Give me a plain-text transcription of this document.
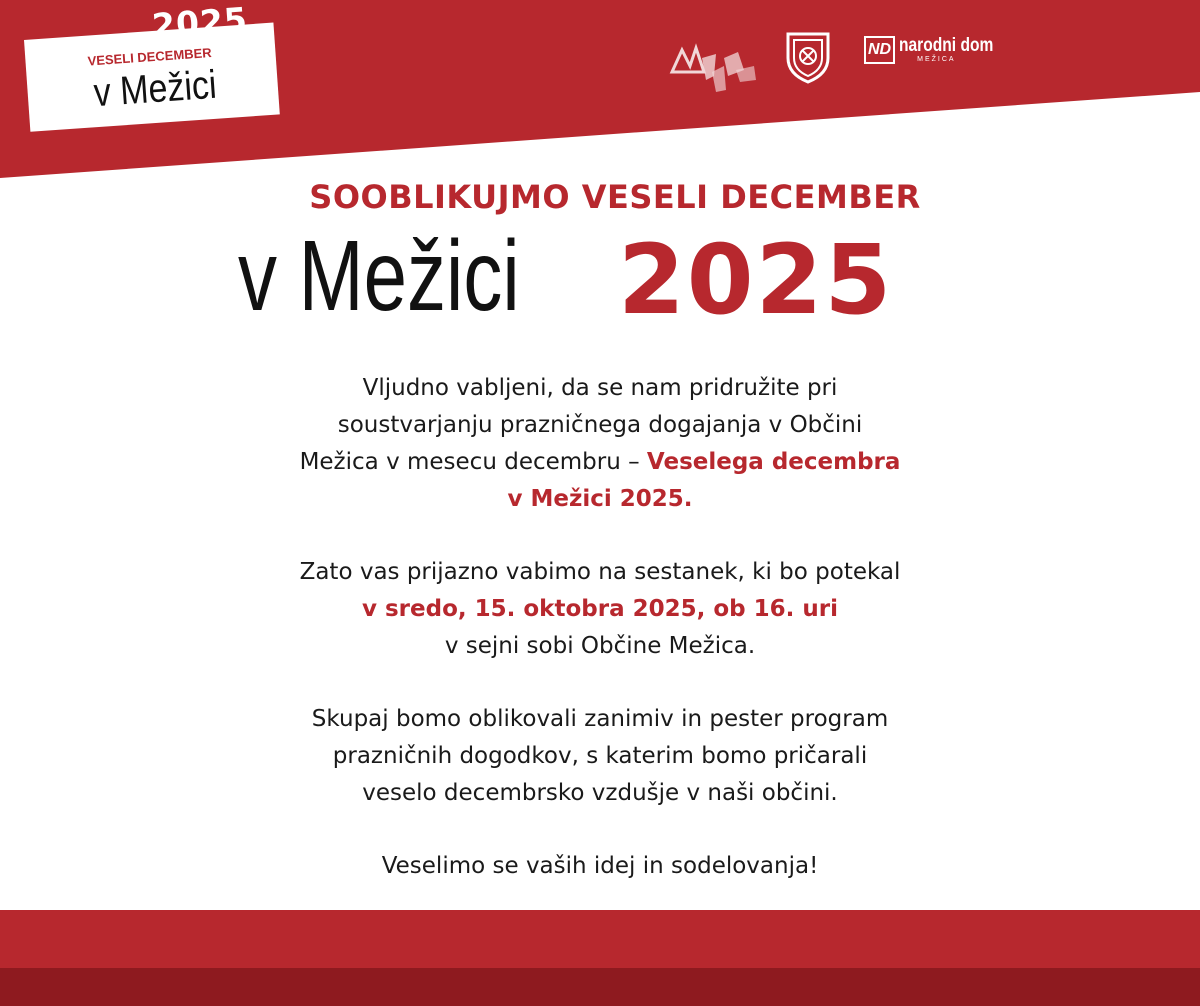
VESELI DECEMBER
v Mežici
2025
ND narodni dom
MEŽICA
SOOBLIKUJMO VESELI DECEMBER
v Mežici 2025

Vljudno vabljeni, da se nam pridružite pri
soustvarjanju prazničnega dogajanja v Občini
Mežica v mesecu decembru – Veselega decembra
v Mežici 2025.

Zato vas prijazno vabimo na sestanek, ki bo potekal
v sredo, 15. oktobra 2025, ob 16. uri
v sejni sobi Občine Mežica.

Skupaj bomo oblikovali zanimiv in pester program
prazničnih dogodkov, s katerim bomo pričarali
veselo decembrsko vzdušje v naši občini.

Veselimo se vaših idej in sodelovanja!
